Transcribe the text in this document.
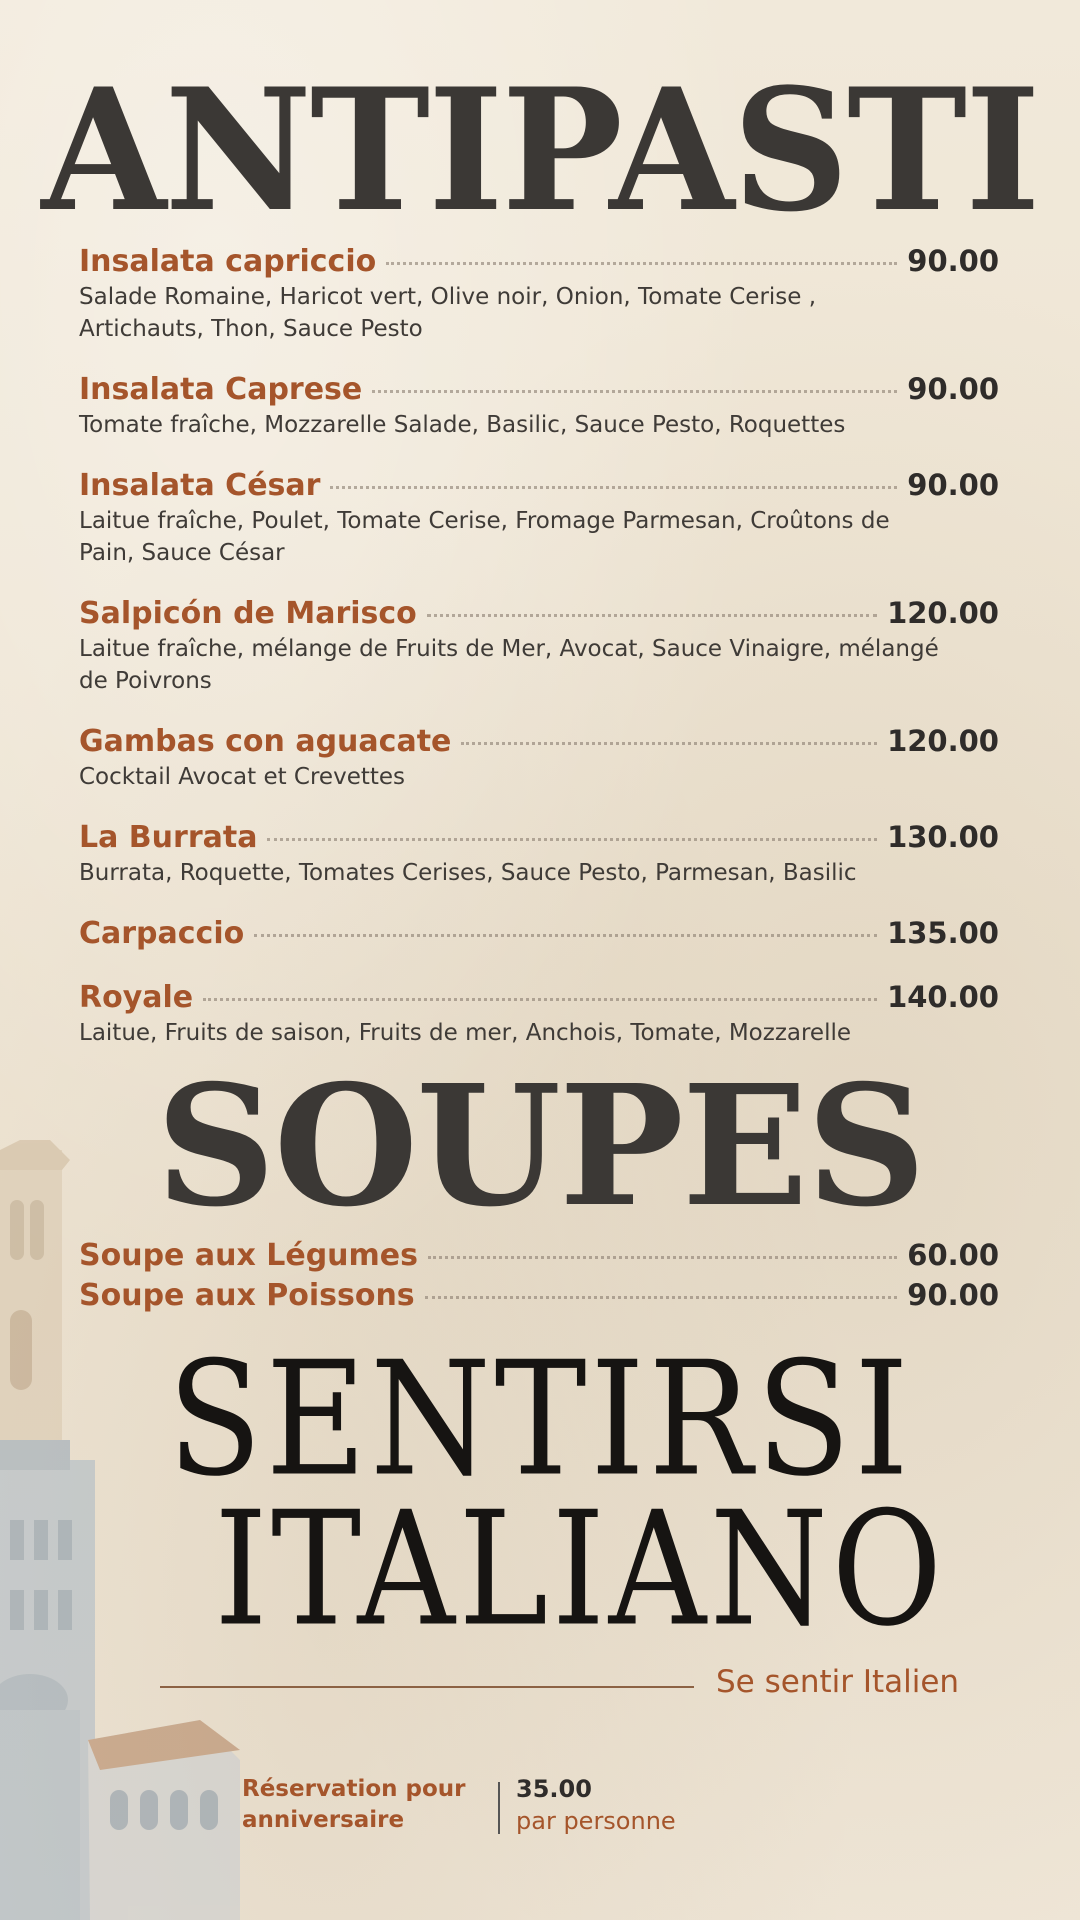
ANTIPASTI
Insalata capriccio	90.00
Salade Romaine, Haricot vert, Olive noir, Onion, Tomate Cerise , Artichauts, Thon, Sauce Pesto
Insalata Caprese	90.00
Tomate fraîche, Mozzarelle Salade, Basilic, Sauce Pesto, Roquettes
Insalata César	90.00
Laitue fraîche, Poulet, Tomate Cerise, Fromage Parmesan, Croûtons de Pain, Sauce César
Salpicón de Marisco	120.00
Laitue fraîche, mélange de Fruits de Mer, Avocat, Sauce Vinaigre, mélangé de Poivrons
Gambas con aguacate	120.00
Cocktail Avocat et Crevettes
La Burrata	130.00
Burrata, Roquette, Tomates Cerises, Sauce Pesto, Parmesan, Basilic
Carpaccio	135.00
Royale	140.00
Laitue, Fruits de saison, Fruits de mer, Anchois, Tomate, Mozzarelle
SOUPES
Soupe aux Légumes	60.00
Soupe aux Poissons	90.00
SENTIRSI
ITALIANO
Se sentir Italien
Réservation pour anniversaire
35.00
par personne
